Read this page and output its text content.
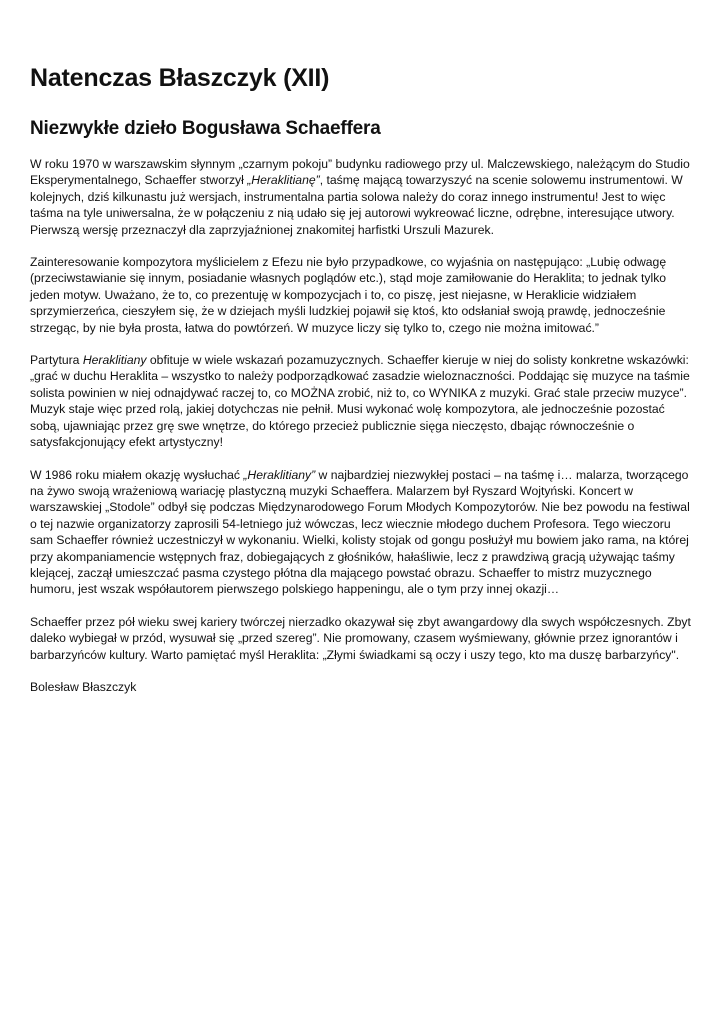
Natenczas Błaszczyk (XII)
Niezwykłe dzieło Bogusława Schaeffera

W roku 1970 w warszawskim słynnym „czarnym pokoju” budynku radiowego przy ul. Malczewskiego, należącym do Studio Eksperymentalnego, Schaeffer stworzył „Heraklitianę”, taśmę mającą towarzyszyć na scenie solowemu instrumentowi. W kolejnych, dziś kilkunastu już wersjach, instrumentalna partia solowa należy do coraz innego instrumentu! Jest to więc taśma na tyle uniwersalna, że w połączeniu z nią udało się jej autorowi wykreować liczne, odrębne, interesujące utwory. Pierwszą wersję przeznaczył dla zaprzyjaźnionej znakomitej harfistki Urszuli Mazurek.

Zainteresowanie kompozytora myślicielem z Efezu nie było przypadkowe, co wyjaśnia on następująco: „Lubię odwagę (przeciwstawianie się innym, posiadanie własnych poglądów etc.), stąd moje zamiłowanie do Heraklita; to jednak tylko jeden motyw. Uważano, że to, co prezentuję w kompozycjach i to, co piszę, jest niejasne, w Heraklicie widziałem sprzymierzeńca, cieszyłem się, że w dziejach myśli ludzkiej pojawił się ktoś, kto odsłaniał swoją prawdę, jednocześnie strzegąc, by nie była prosta, łatwa do powtórzeń. W muzyce liczy się tylko to, czego nie można imitować.”

Partytura Heraklitiany obfituje w wiele wskazań pozamuzycznych. Schaeffer kieruje w niej do solisty konkretne wskazówki: „grać w duchu Heraklita – wszystko to należy podporządkować zasadzie wieloznaczności. Poddając się muzyce na taśmie solista powinien w niej odnajdywać raczej to, co MOŻNA zrobić, niż to, co WYNIKA z muzyki. Grać stale przeciw muzyce”. Muzyk staje więc przed rolą, jakiej dotychczas nie pełnił. Musi wykonać wolę kompozytora, ale jednocześnie pozostać sobą, ujawniając przez grę swe wnętrze, do którego przecież publicznie sięga nieczęsto, dbając równocześnie o satysfakcjonujący efekt artystyczny!

W 1986 roku miałem okazję wysłuchać „Heraklitiany” w najbardziej niezwykłej postaci – na taśmę i… malarza, tworzącego na żywo swoją wrażeniową wariację plastyczną muzyki Schaeffera. Malarzem był Ryszard Wojtyński. Koncert w warszawskiej „Stodole” odbył się podczas Międzynarodowego Forum Młodych Kompozytorów. Nie bez powodu na festiwal o tej nazwie organizatorzy zaprosili 54-letniego już wówczas, lecz wiecznie młodego duchem Profesora. Tego wieczoru sam Schaeffer również uczestniczył w wykonaniu. Wielki, kolisty stojak od gongu posłużył mu bowiem jako rama, na której przy akompaniamencie wstępnych fraz, dobiegających z głośników, hałaśliwie, lecz z prawdziwą gracją używając taśmy klejącej, zaczął umieszczać pasma czystego płótna dla mającego powstać obrazu. Schaeffer to mistrz muzycznego humoru, jest wszak współautorem pierwszego polskiego happeningu, ale o tym przy innej okazji…

Schaeffer przez pół wieku swej kariery twórczej nierzadko okazywał się zbyt awangardowy dla swych współczesnych. Zbyt daleko wybiegał w przód, wysuwał się „przed szereg”. Nie promowany, czasem wyśmiewany, głównie przez ignorantów i barbarzyńców kultury. Warto pamiętać myśl Heraklita: „Złymi świadkami są oczy i uszy tego, kto ma duszę barbarzyńcy".

Bolesław Błaszczyk
